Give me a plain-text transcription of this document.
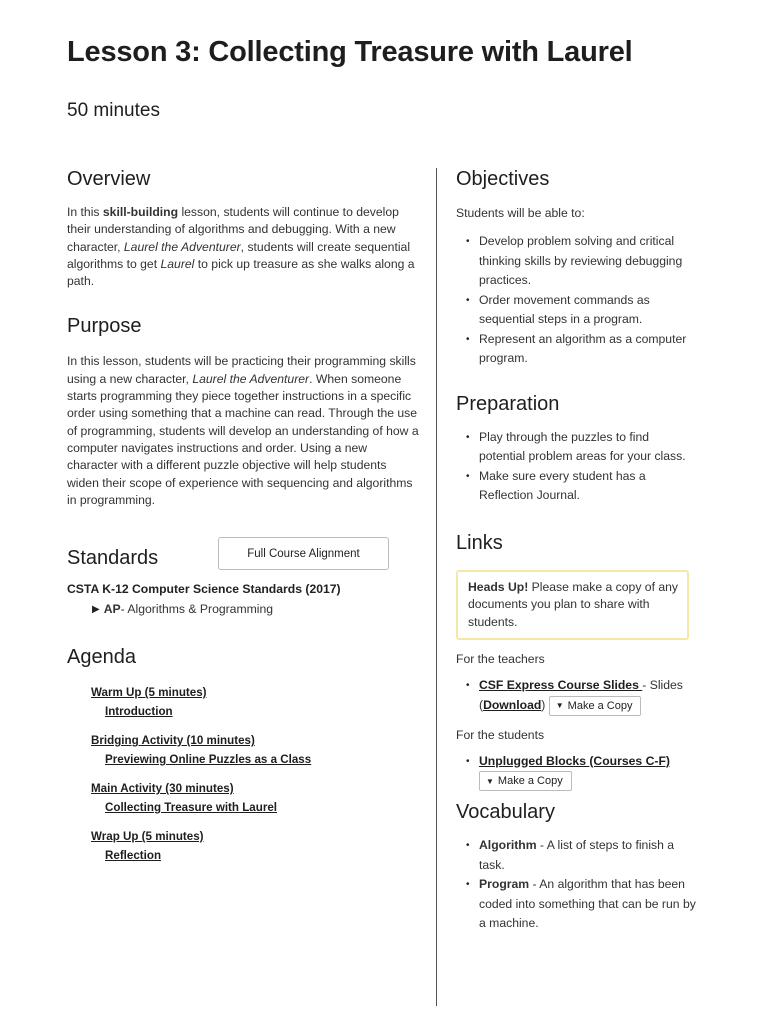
Lesson 3: Collecting Treasure with Laurel
50 minutes
Overview

In this skill-building lesson, students will continue to develop their understanding of algorithms and debugging. With a new character, Laurel the Adventurer, students will create sequential algorithms to get Laurel to pick up treasure as she walks along a path.

Purpose

In this lesson, students will be practicing their programming skills using a new character, Laurel the Adventurer. When someone starts programming they piece together instructions in a specific order using something that a machine can read. Through the use of programming, students will develop an understanding of how a computer navigates instructions and order. Using a new character with a different puzzle objective will help students widen their scope of experience with sequencing and algorithms in programming.

Standards	Full Course Alignment
CSTA K-12 Computer Science Standards (2017)
▶ AP - Algorithms & Programming
Agenda
Warm Up (5 minutes)
Introduction
Bridging Activity (10 minutes)
Previewing Online Puzzles as a Class
Main Activity (30 minutes)
Collecting Treasure with Laurel
Wrap Up (5 minutes)
Reflection
Objectives
Students will be able to:
• Develop problem solving and critical thinking skills by reviewing debugging practices.
• Order movement commands as sequential steps in a program.
• Represent an algorithm as a computer program.
Preparation
• Play through the puzzles to find potential problem areas for your class.
• Make sure every student has a Reflection Journal.
Links
Heads Up! Please make a copy of any documents you plan to share with students.
For the teachers
• CSF Express Course Slides - Slides (Download) ▼ Make a Copy
For the students
• Unplugged Blocks (Courses C-F)

▼ Make a Copy
Vocabulary
• Algorithm - A list of steps to finish a task.
• Program - An algorithm that has been coded into something that can be run by a machine.
